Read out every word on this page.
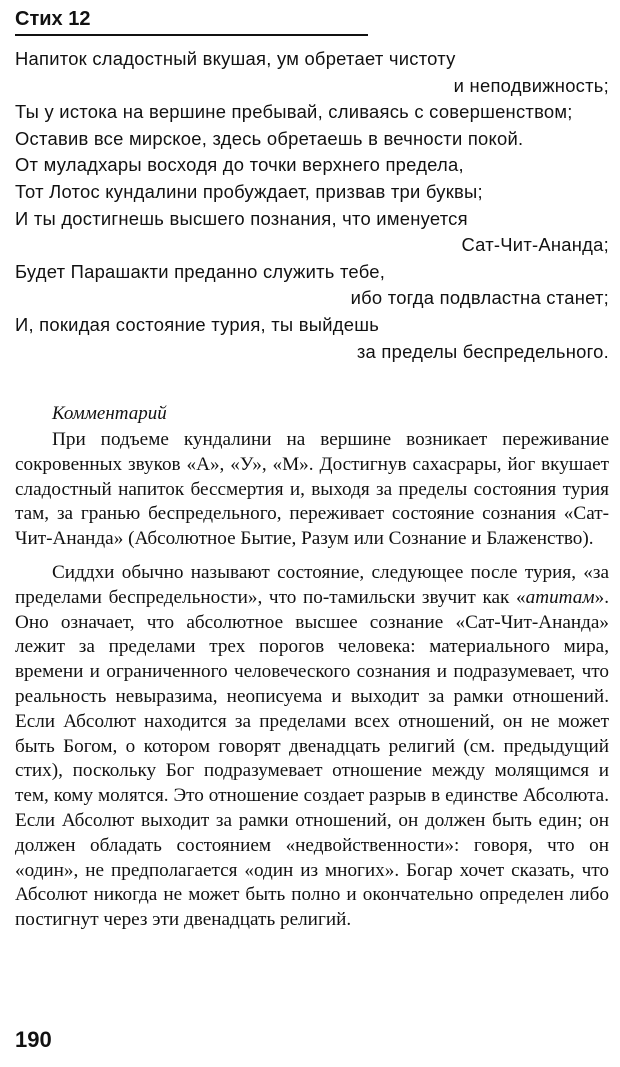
Стих 12
Напиток сладостный вкушая, ум обретает чистоту
и неподвижность;
Ты у истока на вершине пребывай, сливаясь с совершенством;
Оставив все мирское, здесь обретаешь в вечности покой.
От муладхары восходя до точки верхнего предела,
Тот Лотос кундалини пробуждает, призвав три буквы;
И ты достигнешь высшего познания, что именуется
Сат-Чит-Ананда;
Будет Парашакти преданно служить тебе,
ибо тогда подвластна станет;
И, покидая состояние турия, ты выйдешь
за пределы беспредельного.
Комментарий

При подъеме кундалини на вершине возникает переживание сокровенных звуков «А», «У», «М». Достигнув сахасрары, йог вкушает сладостный напиток бессмертия и, выходя за пределы состояния турия там, за гранью беспредельного, переживает состояние сознания «Сат-Чит-Ананда» (Абсолютное Бытие, Разум или Сознание и Блаженство).

Сиддхи обычно называют состояние, следующее после турия, «за пределами беспредельности», что по-тамильски звучит как «атитам». Оно означает, что абсолютное высшее сознание «Сат-Чит-Ананда» лежит за пределами трех порогов человека: материального мира, времени и ограниченного человеческого сознания и подразумевает, что реальность невыразима, неописуема и выходит за рамки отношений. Если Абсолют находится за пределами всех отношений, он не может быть Богом, о котором говорят двенадцать религий (см. предыдущий стих), поскольку Бог подразумевает отношение между молящимся и тем, кому молятся. Это отношение создает разрыв в единстве Абсолюта. Если Абсолют выходит за рамки отношений, он должен быть един; он должен обладать состоянием «недвойственности»: говоря, что он «один», не предполагается «один из многих». Богар хочет сказать, что Абсолют никогда не может быть полно и окончательно определен либо постигнут через эти двенадцать религий.

190
